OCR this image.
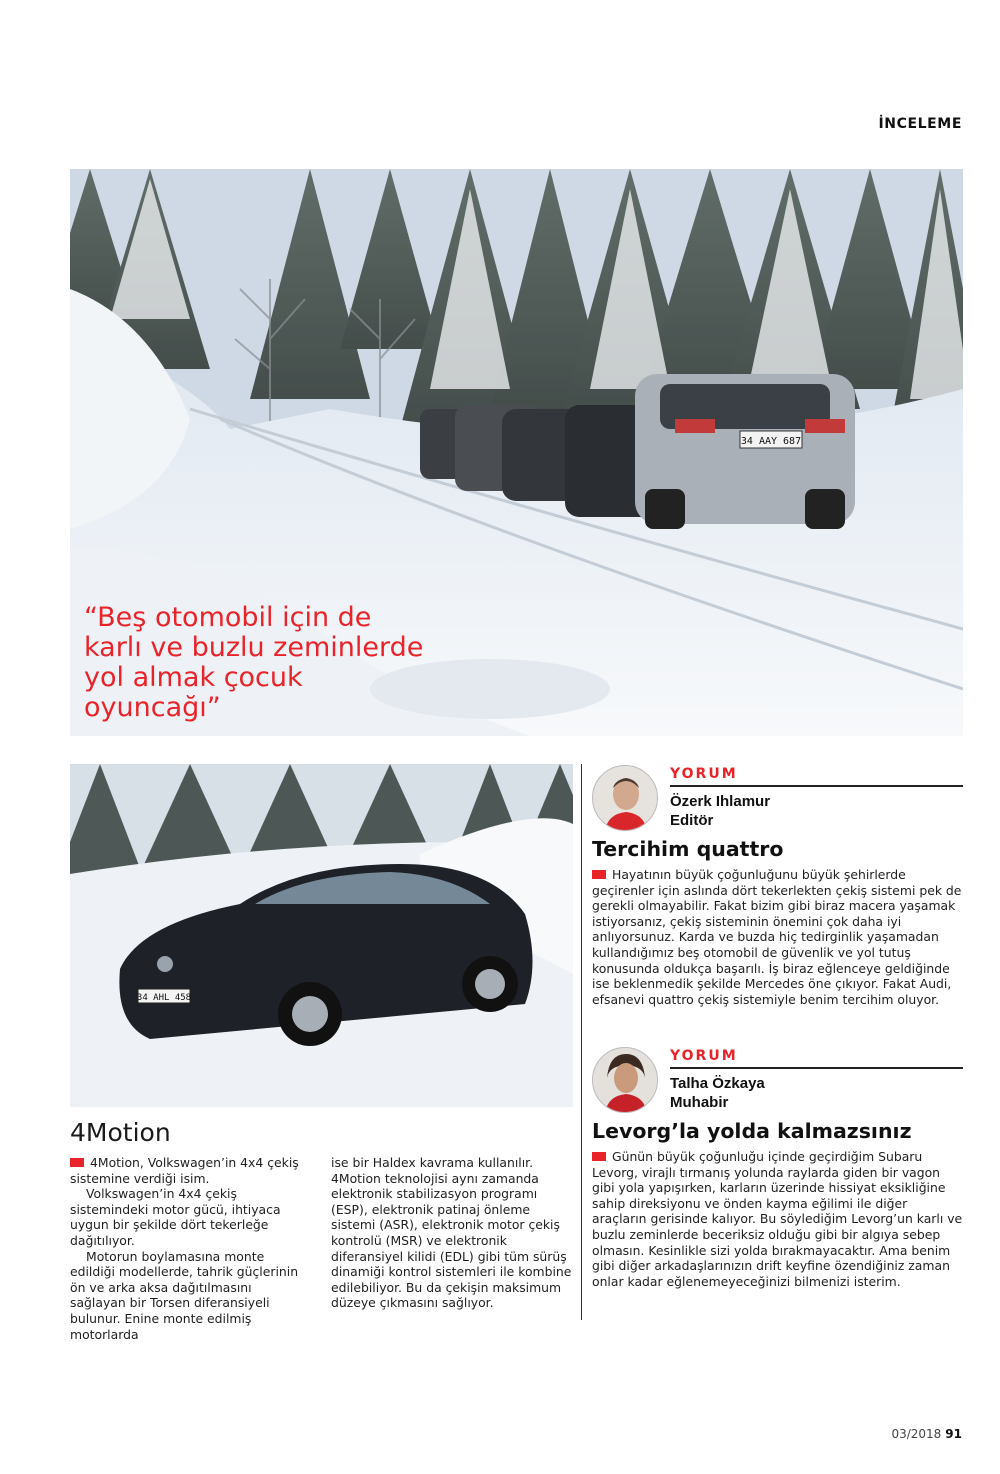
İNCELEME
34 AAY 687
“Beş otomobil için de karlı ve buzlu zeminlerde yol almak çocuk oyuncağı”
34 AHL 458
4Motion

4Motion, Volkswagen’in 4x4 çekiş sistemine verdiği isim.

Volkswagen’in 4x4 çekiş sistemindeki motor gücü, ihtiyaca uygun bir şekilde dört tekerleğe dağıtılıyor.

Motorun boylamasına monte edildiği modellerde, tahrik güçlerinin ön ve arka aksa dağıtılmasını sağlayan bir Torsen diferansiyeli bulunur. Enine monte edilmiş motorlarda

ise bir Haldex kavrama kullanılır. 4Motion teknolojisi aynı zamanda elektronik stabilizasyon programı (ESP), elektronik patinaj önleme sistemi (ASR), elektronik motor çekiş kontrolü (MSR) ve elektronik diferansiyel kilidi (EDL) gibi tüm sürüş dinamiği kontrol sistemleri ile kombine edilebiliyor. Bu da çekişin maksimum düzeye çıkmasını sağlıyor.

YORUM
Özerk Ihlamur
Editör
Tercihim quattro

Hayatının büyük çoğunluğunu büyük şehirlerde geçirenler için aslında dört tekerlekten çekiş sistemi pek de gerekli olmayabilir. Fakat bizim gibi biraz macera yaşamak istiyorsanız, çekiş sisteminin önemini çok daha iyi anlıyorsunuz. Karda ve buzda hiç tedirginlik yaşamadan kullandığımız beş otomobil de güvenlik ve yol tutuş konusunda oldukça başarılı. İş biraz eğlenceye geldiğinde ise beklenmedik şekilde Mercedes öne çıkıyor. Fakat Audi, efsanevi quattro çekiş sistemiyle benim tercihim oluyor.

YORUM
Talha Özkaya
Muhabir
Levorg’la yolda kalmazsınız

Günün büyük çoğunluğu içinde geçirdiğim Subaru Levorg, virajlı tırmanış yolunda raylarda giden bir vagon gibi yola yapışırken, karların üzerinde hissiyat eksikliğine sahip direksiyonu ve önden kayma eğilimi ile diğer araçların gerisinde kalıyor. Bu söylediğim Levorg’un karlı ve buzlu zeminlerde beceriksiz olduğu gibi bir algıya sebep olmasın. Kesinlikle sizi yolda bırakmayacaktır. Ama benim gibi diğer arkadaşlarınızın drift keyfine özendiğiniz zaman onlar kadar eğlenemeyeceğinizi bilmenizi isterim.

03/2018 91
